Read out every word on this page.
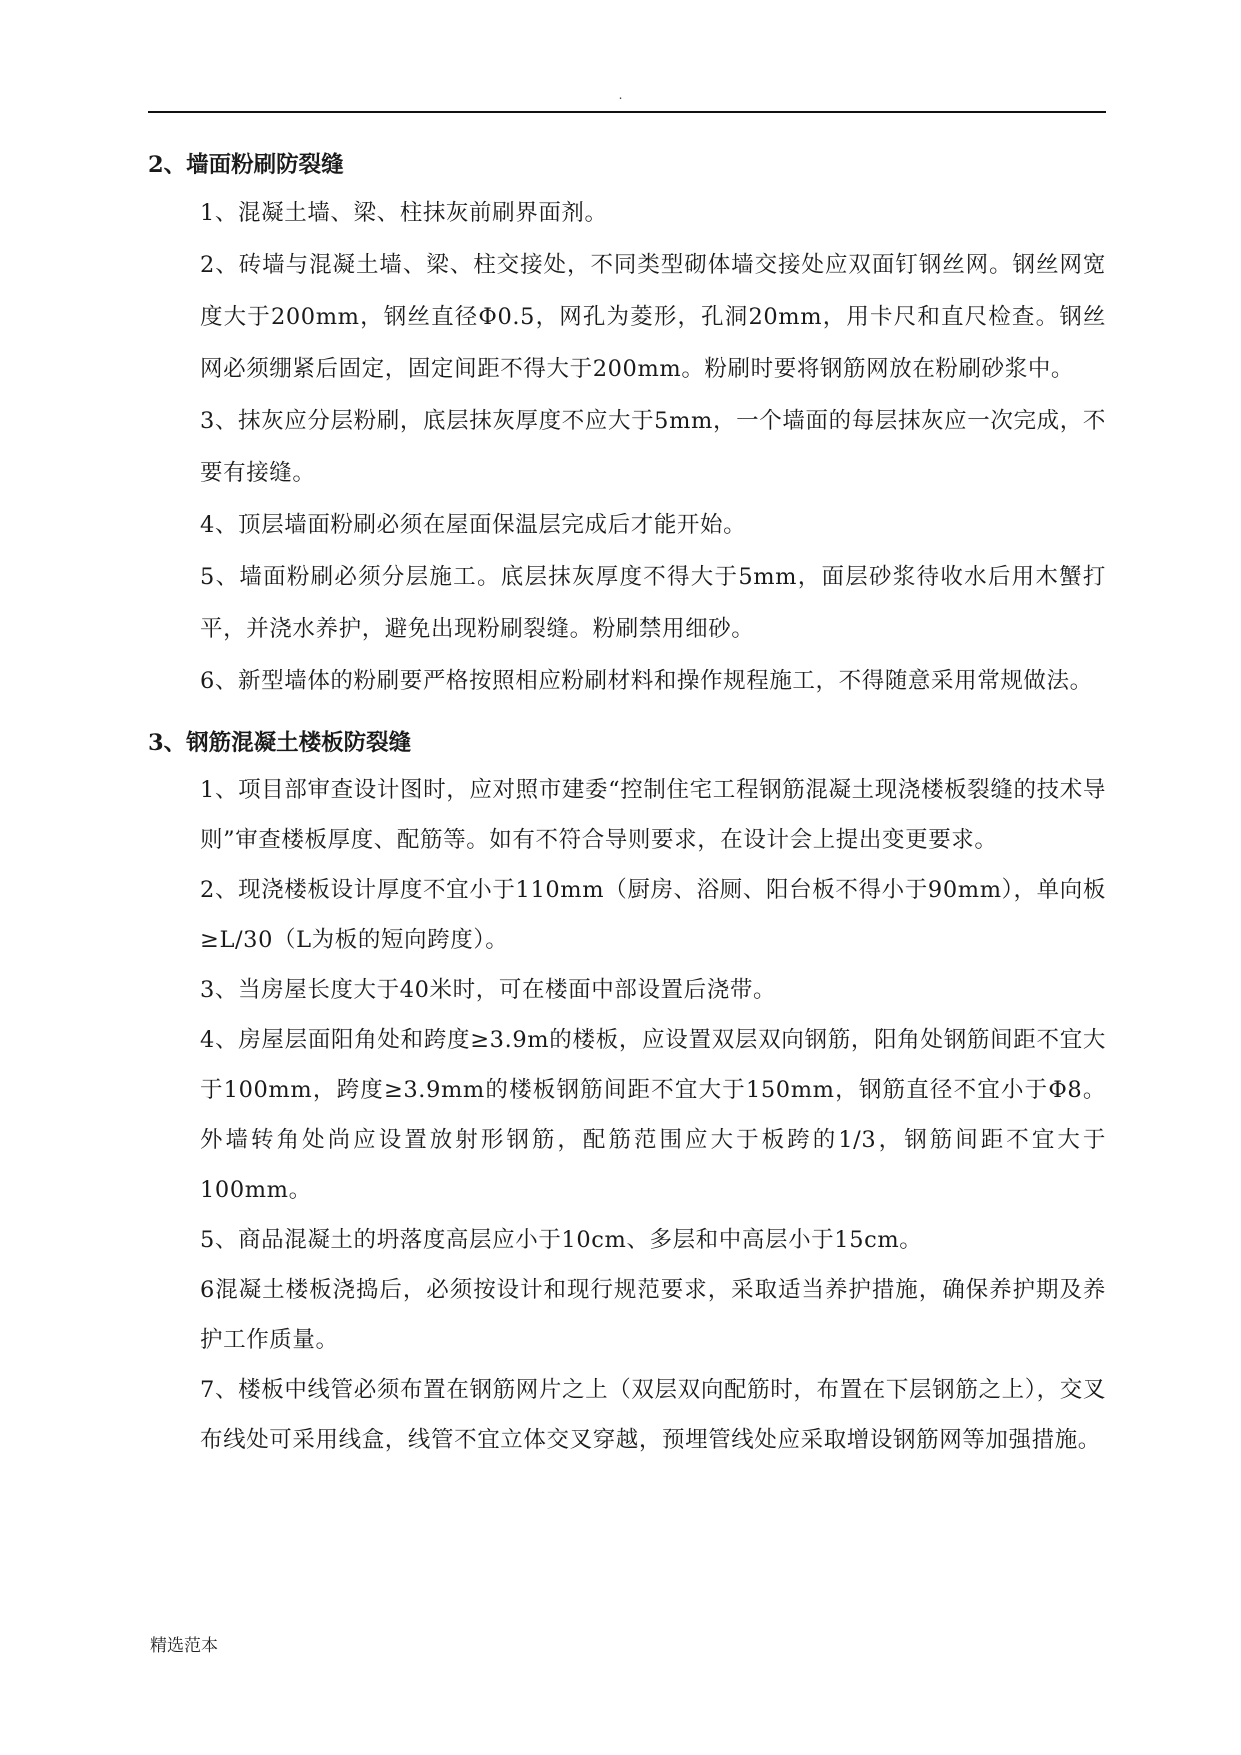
.
2、墙面粉刷防裂缝

1、混凝土墙、梁、柱抹灰前刷界面剂。

2、砖墙与混凝土墙、梁、柱交接处，不同类型砌体墙交接处应双面钉钢丝网。钢丝网宽度大于200mm，钢丝直径Φ0.5，网孔为菱形，孔洞20mm，用卡尺和直尺检查。钢丝网必须绷紧后固定，固定间距不得大于200mm。粉刷时要将钢筋网放在粉刷砂浆中。

3、抹灰应分层粉刷，底层抹灰厚度不应大于5mm，一个墙面的每层抹灰应一次完成，不要有接缝。

4、顶层墙面粉刷必须在屋面保温层完成后才能开始。

5、墙面粉刷必须分层施工。底层抹灰厚度不得大于5mm，面层砂浆待收水后用木蟹打平，并浇水养护，避免出现粉刷裂缝。粉刷禁用细砂。

6、新型墙体的粉刷要严格按照相应粉刷材料和操作规程施工，不得随意采用常规做法。

3、钢筋混凝土楼板防裂缝

1、项目部审查设计图时，应对照市建委“控制住宅工程钢筋混凝土现浇楼板裂缝的技术导则”审查楼板厚度、配筋等。如有不符合导则要求，在设计会上提出变更要求。

2、现浇楼板设计厚度不宜小于110mm（厨房、浴厕、阳台板不得小于90mm），单向板≥L/30（L为板的短向跨度）。

3、当房屋长度大于40米时，可在楼面中部设置后浇带。

4、房屋层面阳角处和跨度≥3.9m的楼板，应设置双层双向钢筋，阳角处钢筋间距不宜大于100mm，跨度≥3.9mm的楼板钢筋间距不宜大于150mm，钢筋直径不宜小于Φ8。外墙转角处尚应设置放射形钢筋，配筋范围应大于板跨的1/3，钢筋间距不宜大于100mm。

5、商品混凝土的坍落度高层应小于10cm、多层和中高层小于15cm。

6混凝土楼板浇捣后，必须按设计和现行规范要求，采取适当养护措施，确保养护期及养护工作质量。

7、楼板中线管必须布置在钢筋网片之上（双层双向配筋时，布置在下层钢筋之上），交叉布线处可采用线盒，线管不宜立体交叉穿越，预埋管线处应采取增设钢筋网等加强措施。

精选范本
